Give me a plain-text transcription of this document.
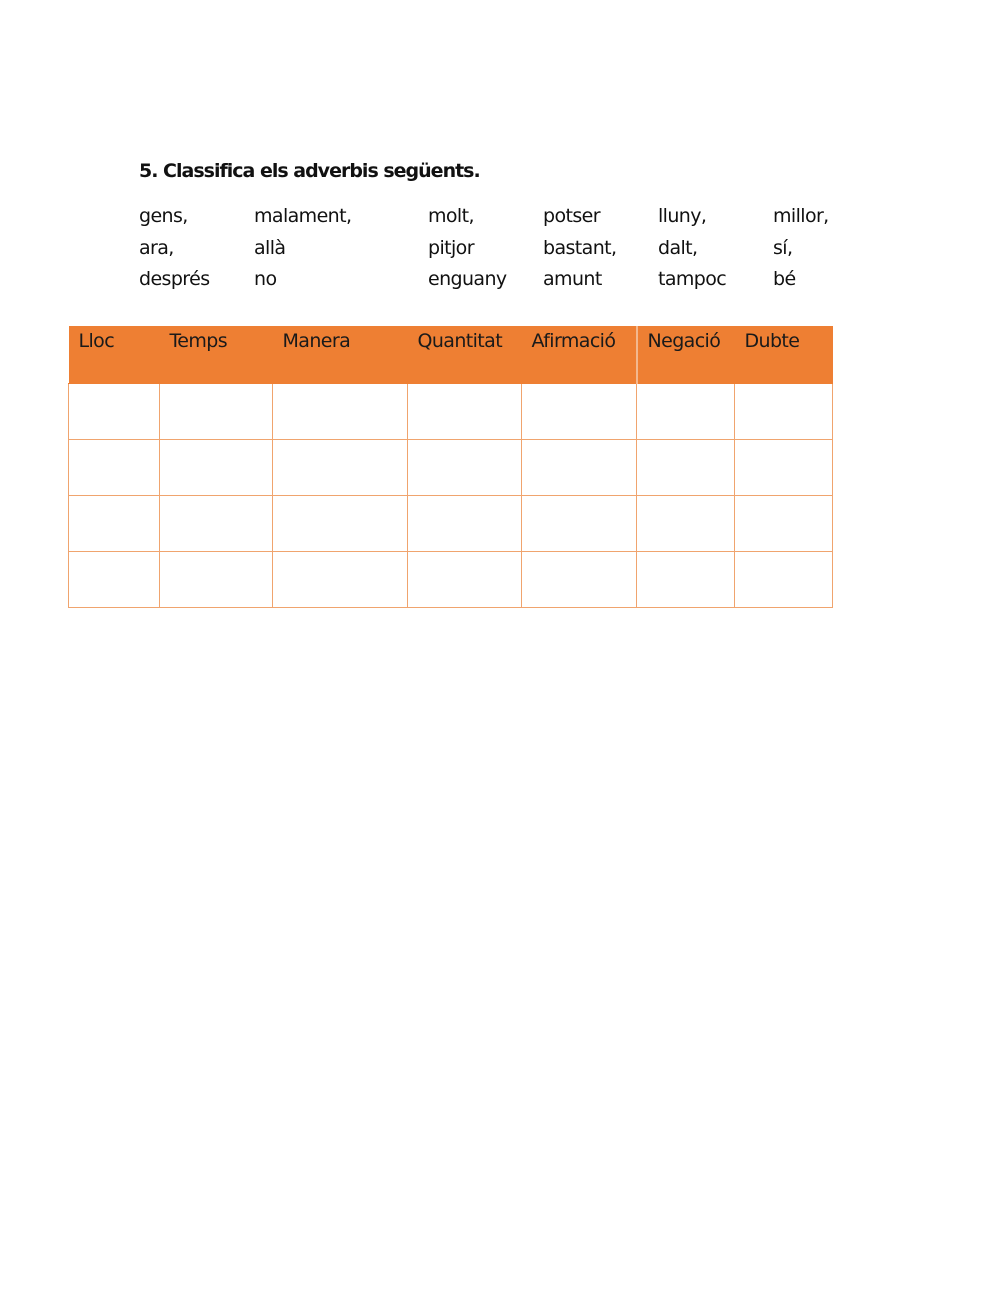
5. Classifica els adverbis següents.
gens,	malament,	molt,	potser	lluny,	millor,
ara,	allà	pitjor	bastant,	dalt,	sí,
després	no	enguany	amunt	tampoc	bé
Lloc	Temps	Manera	Quantitat	Afirmació	Negació	Dubte
